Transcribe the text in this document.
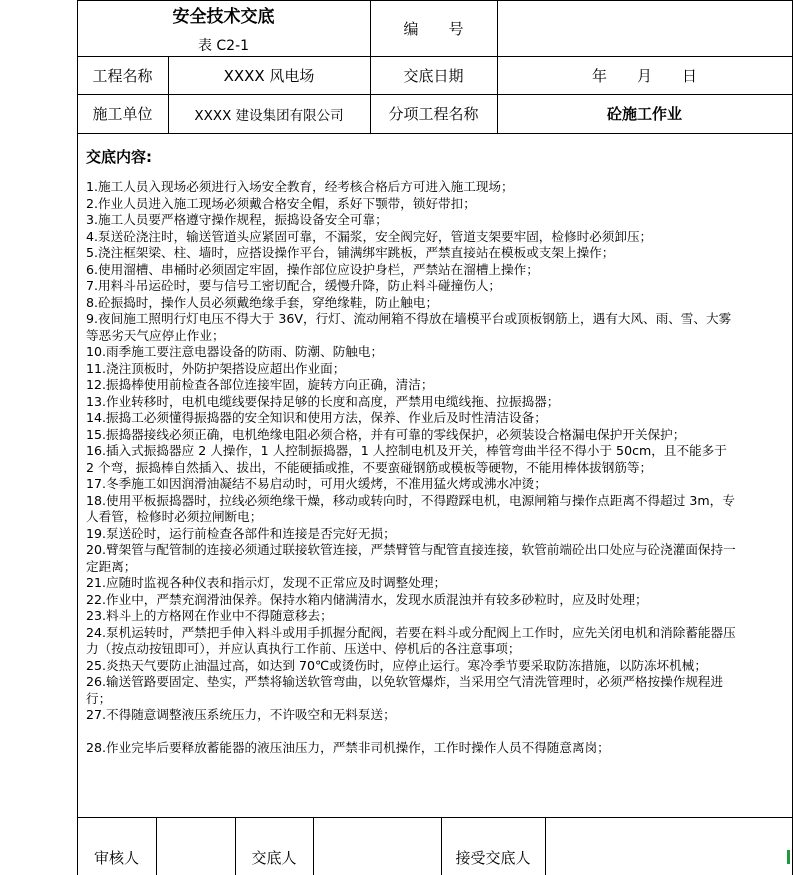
安全技术交底
表 C2-1
编　　号
工程名称	XXXX 风电场	交底日期	年　　月　　日
施工单位	XXXX 建设集团有限公司	分项工程名称	砼施工作业
交底内容:
1.施工人员入现场必须进行入场安全教育，经考核合格后方可进入施工现场；
2.作业人员进入施工现场必须戴合格安全帽，系好下颚带，锁好带扣；
3.施工人员要严格遵守操作规程，振捣设备安全可靠；
4.泵送砼浇注时，输送管道头应紧固可靠，不漏浆，安全阀完好，管道支架要牢固，检修时必须卸压；
5.浇注框架梁、柱、墙时，应搭设操作平台，铺满绑牢跳板，严禁直接站在模板或支架上操作；
6.使用溜槽、串桶时必须固定牢固，操作部位应设护身栏，严禁站在溜槽上操作；
7.用料斗吊运砼时，要与信号工密切配合，缓慢升降，防止料斗碰撞伤人；
8.砼振捣时，操作人员必须戴绝缘手套，穿绝缘鞋，防止触电；
9.夜间施工照明行灯电压不得大于 36V，行灯、流动闸箱不得放在墙模平台或顶板钢筋上，遇有大风、雨、雪、大雾等恶劣天气应停止作业；
10.雨季施工要注意电器设备的防雨、防潮、防触电；
11.浇注顶板时，外防护架搭设应超出作业面；
12.振捣棒使用前检查各部位连接牢固，旋转方向正确，清洁；
13.作业转移时，电机电缆线要保持足够的长度和高度，严禁用电缆线拖、拉振捣器；
14.振捣工必须懂得振捣器的安全知识和使用方法，保养、作业后及时性清洁设备；
15.振捣器接线必须正确，电机绝缘电阻必须合格，并有可靠的零线保护，必须装设合格漏电保护开关保护；
16.插入式振捣器应 2 人操作，1 人控制振捣器，1 人控制电机及开关，棒管弯曲半径不得小于 50cm，且不能多于 2 个弯，振捣棒自然插入、拔出，不能硬插或推，不要蛮碰钢筋或模板等硬物，不能用棒体拔钢筋等；
17.冬季施工如因润滑油凝结不易启动时，可用火缓烤，不准用猛火烤或沸水冲烫；
18.使用平板振捣器时，拉线必须绝缘干燥，移动或转向时，不得蹬踩电机，电源闸箱与操作点距离不得超过 3m，专人看管，检修时必须拉闸断电；
19.泵送砼时，运行前检查各部件和连接是否完好无损；
20.臂架管与配管制的连接必须通过联接软管连接，严禁臂管与配管直接连接，软管前端砼出口处应与砼浇灌面保持一定距离；
21.应随时监视各种仪表和指示灯，发现不正常应及时调整处理；
22.作业中，严禁充润滑油保养。保持水箱内储满清水，发现水质混浊并有较多砂粒时，应及时处理；
23.料斗上的方格网在作业中不得随意移去；
24.泵机运转时，严禁把手伸入料斗或用手抓握分配阀，若要在料斗或分配阀上工作时，应先关闭电机和消除蓄能器压力（按点动按钮即可），并应认真执行工作前、压送中、停机后的各注意事项；
25.炎热天气要防止油温过高，如达到 70℃或烫伤时，应停止运行。寒冷季节要采取防冻措施，以防冻坏机械；
26.输送管路要固定、垫实，严禁将输送软管弯曲，以免软管爆炸，当采用空气清洗管理时，必须严格按操作规程进行；
27.不得随意调整液压系统压力，不许吸空和无料泵送；
28.作业完毕后要释放蓄能器的液压油压力，严禁非司机操作，工作时操作人员不得随意离岗；
审核人	交底人	接受交底人
